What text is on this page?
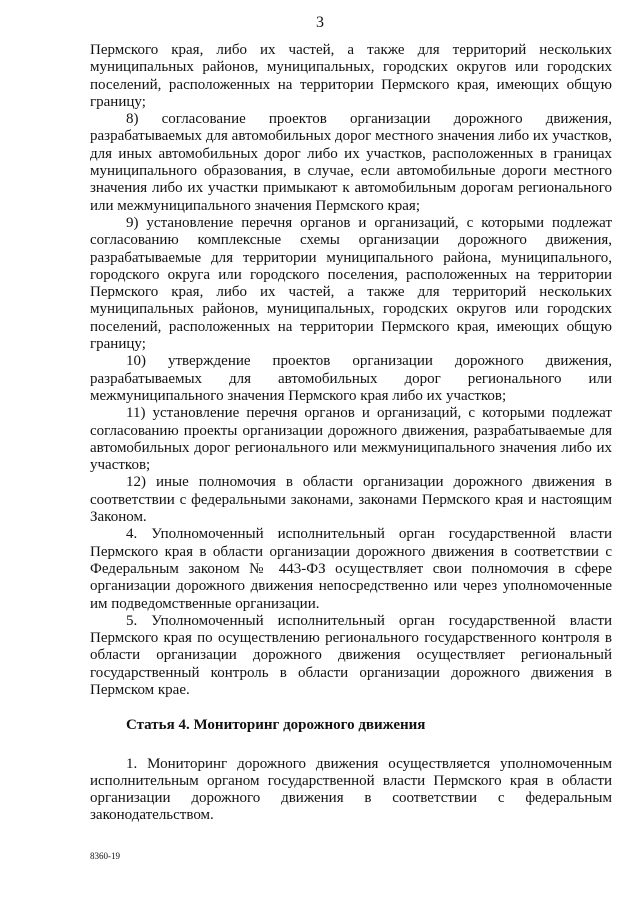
3

Пермского края, либо их частей, а также для территорий нескольких муниципальных районов, муниципальных, городских округов или городских поселений, расположенных на территории Пермского края, имеющих общую границу;

8) согласование проектов организации дорожного движения, разрабатываемых для автомобильных дорог местного значения либо их участков, для иных автомобильных дорог либо их участков, расположенных в границах муниципального образования, в случае, если автомобильные дороги местного значения либо их участки примыкают к автомобильным дорогам регионального или межмуниципального значения Пермского края;

9) установление перечня органов и организаций, с которыми подлежат согласованию комплексные схемы организации дорожного движения, разрабатываемые для территории муниципального района, муниципального, городского округа или городского поселения, расположенных на территории Пермского края, либо их частей, а также для территорий нескольких муниципальных районов, муниципальных, городских округов или городских поселений, расположенных на территории Пермского края, имеющих общую границу;

10) утверждение проектов организации дорожного движения, разрабатываемых для автомобильных дорог регионального или межмуниципального значения Пермского края либо их участков;

11) установление перечня органов и организаций, с которыми подлежат согласованию проекты организации дорожного движения, разрабатываемые для автомобильных дорог регионального или межмуниципального значения либо их участков;

12) иные полномочия в области организации дорожного движения в соответствии с федеральными законами, законами Пермского края и настоящим Законом.

4. Уполномоченный исполнительный орган государственной власти Пермского края в области организации дорожного движения в соответствии с Федеральным законом № 443-ФЗ осуществляет свои полномочия в сфере организации дорожного движения непосредственно или через уполномоченные им подведомственные организации.

5. Уполномоченный исполнительный орган государственной власти Пермского края по осуществлению регионального государственного контроля в области организации дорожного движения осуществляет региональный государственный контроль в области организации дорожного движения в Пермском крае.

Статья 4. Мониторинг дорожного движения

1. Мониторинг дорожного движения осуществляется уполномоченным исполнительным органом государственной власти Пермского края в области организации дорожного движения в соответствии с федеральным законодательством.

8360-19
